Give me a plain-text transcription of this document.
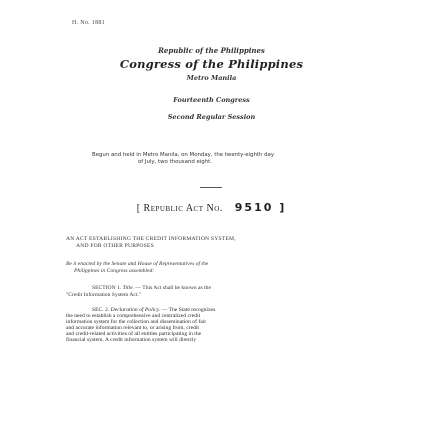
H. No. 1881
Republic of the Philippines
Congress of the Philippines
Metro Manila
Fourteenth Congress
Second Regular Session
Begun and held in Metro Manila, on Monday, the twenty-eighth day
of July, two thousand eight.
[ Republic Act No. 9510 ]
AN ACT ESTABLISHING THE CREDIT INFORMATION SYSTEM,
AND FOR OTHER PURPOSES
Be it enacted by the Senate and House of Representatives of the
Philippines in Congress assembled:
SECTION 1. Title. — This Act shall be known as the
"Credit Information System Act."
SEC. 2. Declaration of Policy. — The State recognizes
the need to establish a comprehensive and centralized credit
information system for the collection and dissemination of fair
and accurate information relevant to, or arising from, credit
and credit-related activities of all entities participating in the
financial system. A credit information system will directly
